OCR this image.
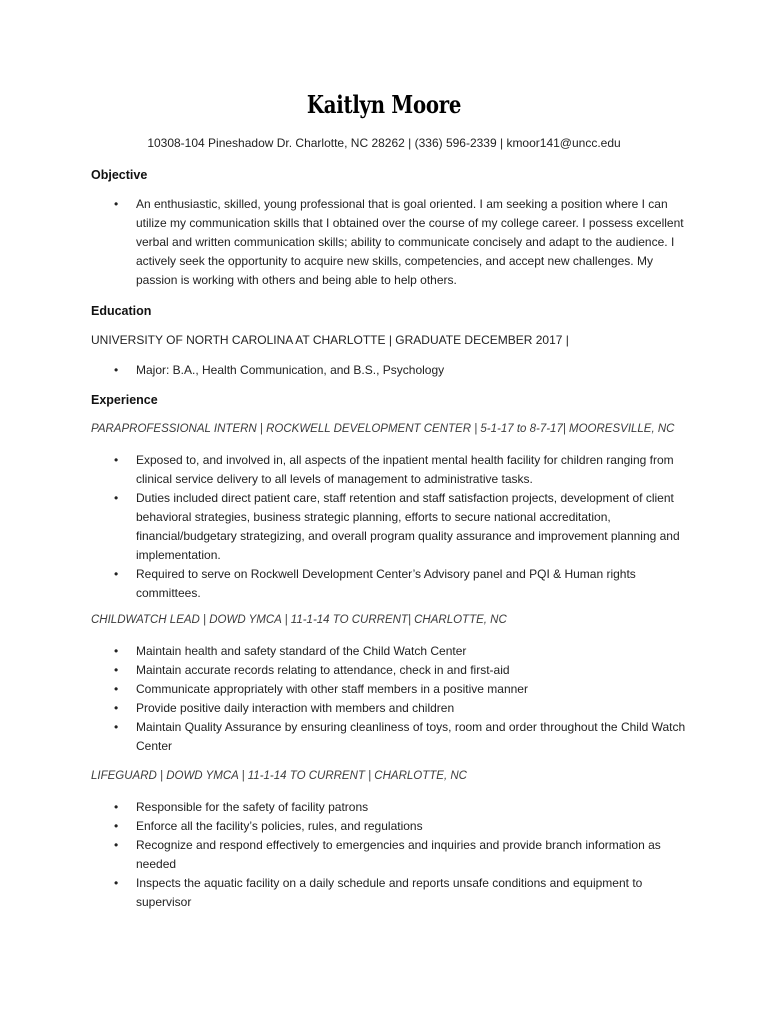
Kaitlyn Moore
10308-104 Pineshadow Dr. Charlotte, NC 28262 | (336) 596-2339 | kmoor141@uncc.edu
Objective
• An enthusiastic, skilled, young professional that is goal oriented. I am seeking a position where I can utilize my communication skills that I obtained over the course of my college career. I possess excellent verbal and written communication skills; ability to communicate concisely and adapt to the audience. I actively seek the opportunity to acquire new skills, competencies, and accept new challenges. My passion is working with others and being able to help others.
Education
UNIVERSITY OF NORTH CAROLINA AT CHARLOTTE | GRADUATE DECEMBER 2017 |
• Major: B.A., Health Communication, and B.S., Psychology
Experience
PARAPROFESSIONAL INTERN | ROCKWELL DEVELOPMENT CENTER | 5-1-17 to 8-7-17| MOORESVILLE, NC
• Exposed to, and involved in, all aspects of the inpatient mental health facility for children ranging from clinical service delivery to all levels of management to administrative tasks.
• Duties included direct patient care, staff retention and staff satisfaction projects, development of client behavioral strategies, business strategic planning, efforts to secure national accreditation, financial/budgetary strategizing, and overall program quality assurance and improvement planning and implementation.
• Required to serve on Rockwell Development Center’s Advisory panel and PQI & Human rights committees.
CHILDWATCH LEAD | DOWD YMCA | 11-1-14 TO CURRENT| CHARLOTTE, NC
• Maintain health and safety standard of the Child Watch Center
• Maintain accurate records relating to attendance, check in and first-aid
• Communicate appropriately with other staff members in a positive manner
• Provide positive daily interaction with members and children
• Maintain Quality Assurance by ensuring cleanliness of toys, room and order throughout the Child Watch Center
LIFEGUARD | DOWD YMCA | 11-1-14 TO CURRENT | CHARLOTTE, NC
• Responsible for the safety of facility patrons
• Enforce all the facility’s policies, rules, and regulations
• Recognize and respond effectively to emergencies and inquiries and provide branch information as needed
• Inspects the aquatic facility on a daily schedule and reports unsafe conditions and equipment to supervisor
